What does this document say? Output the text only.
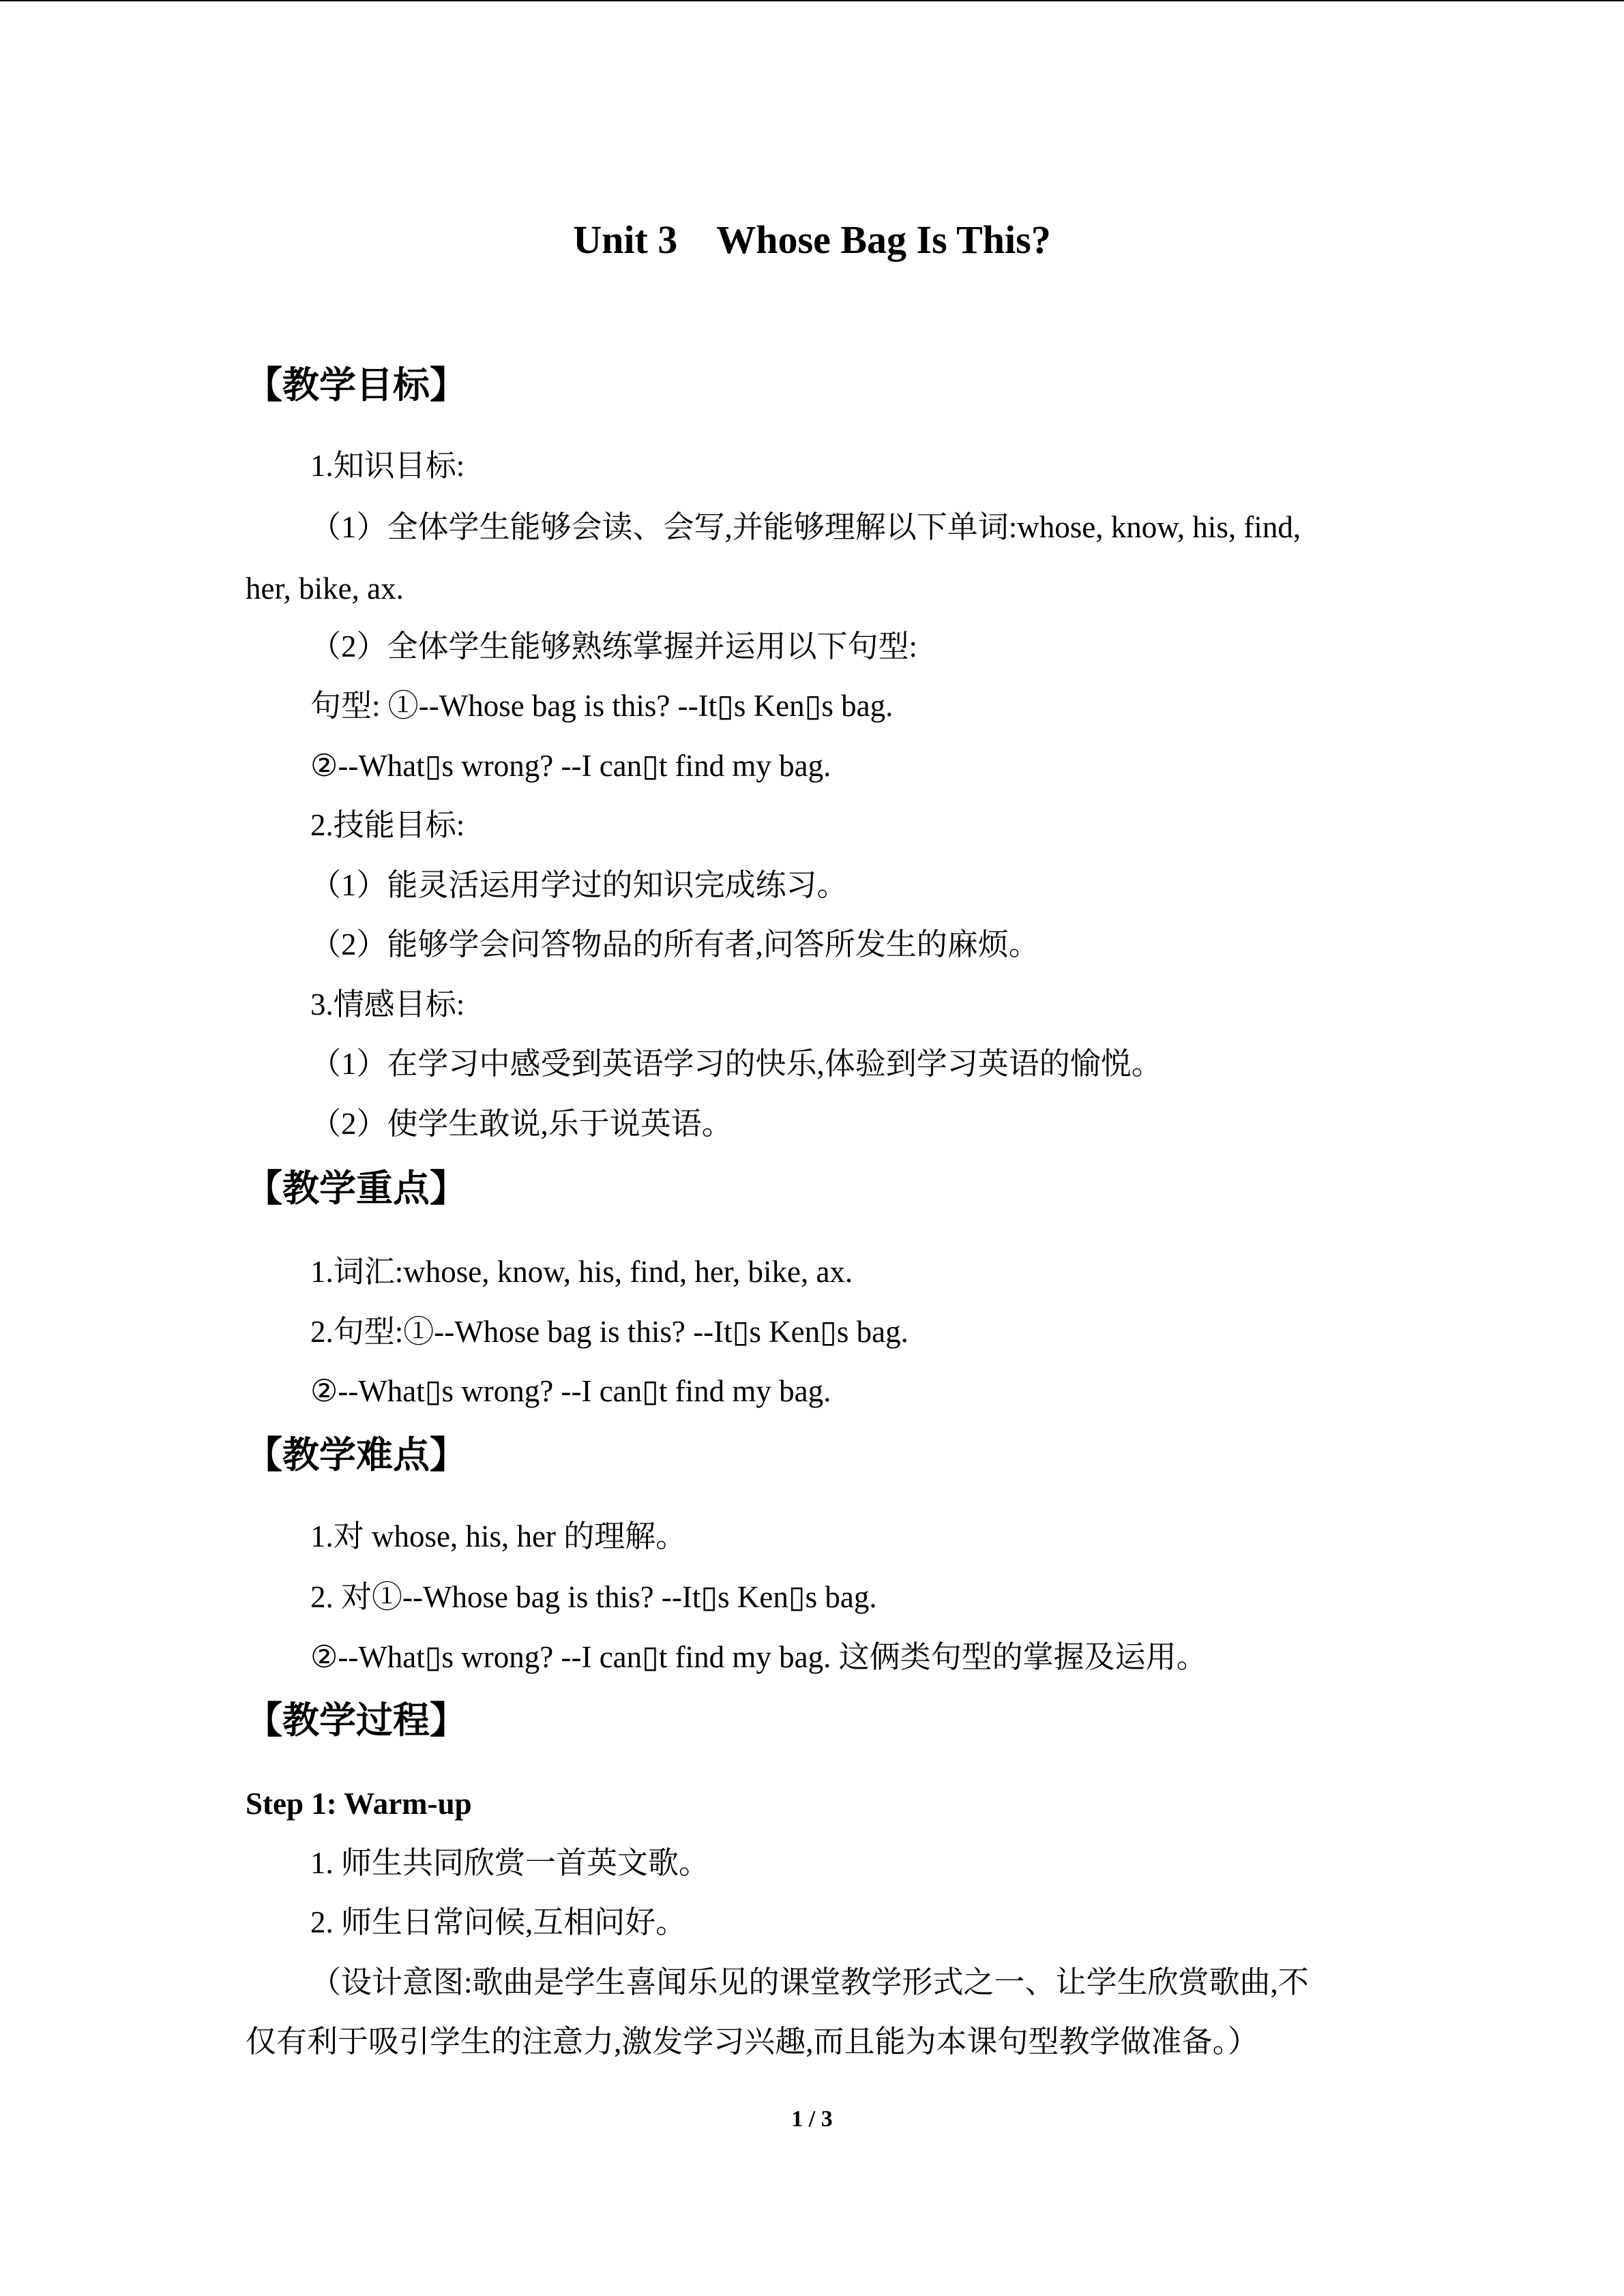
Unit 3    Whose Bag Is This?
【教学目标】
1.知识目标:
（1）全体学生能够会读、会写,并能够理解以下单词:whose, know, his, find,
her, bike, ax.
（2）全体学生能够熟练掌握并运用以下句型:
句型: ①--Whose bag is this? --It▯s Ken▯s bag.
②--What▯s wrong? --I can▯t find my bag.
2.技能目标:
（1）能灵活运用学过的知识完成练习。
（2）能够学会问答物品的所有者,问答所发生的麻烦。
3.情感目标:
（1）在学习中感受到英语学习的快乐,体验到学习英语的愉悦。
（2）使学生敢说,乐于说英语。
【教学重点】
1.词汇:whose, know, his, find, her, bike, ax.
2.句型:①--Whose bag is this? --It▯s Ken▯s bag.
②--What▯s wrong? --I can▯t find my bag.
【教学难点】
1.对 whose, his, her 的理解。
2. 对①--Whose bag is this? --It▯s Ken▯s bag.
②--What▯s wrong? --I can▯t find my bag. 这俩类句型的掌握及运用。
【教学过程】
Step 1: Warm-up
1. 师生共同欣赏一首英文歌。
2. 师生日常问候,互相问好。
（设计意图:歌曲是学生喜闻乐见的课堂教学形式之一、让学生欣赏歌曲,不
仅有利于吸引学生的注意力,激发学习兴趣,而且能为本课句型教学做准备。）
1 / 3
